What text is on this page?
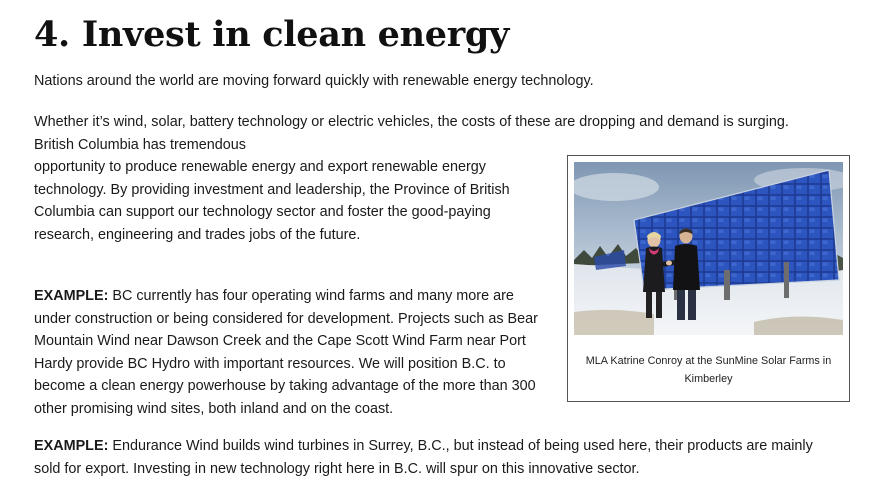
4. Invest in clean energy

Nations around the world are moving forward quickly with renewable energy technology.

Whether it’s wind, solar, battery technology or electric vehicles, the costs of these are dropping and demand is surging.
British Columbia has tremendous
opportunity to produce renewable energy and export renewable energy
technology. By providing investment and leadership, the Province of British
Columbia can support our technology sector and foster the good-paying
research, engineering and trades jobs of the future.

EXAMPLE: BC currently has four operating wind farms and many more are
under construction or being considered for development. Projects such as Bear
Mountain Wind near Dawson Creek and the Cape Scott Wind Farm near Port
Hardy provide BC Hydro with important resources. We will position B.C. to
become a clean energy powerhouse by taking advantage of the more than 300
other promising wind sites, both inland and on the coast.

EXAMPLE: Endurance Wind builds wind turbines in Surrey, B.C., but instead of being used here, their products are mainly
sold for export. Investing in new technology right here in B.C. will spur on this innovative sector.

MLA Katrine Conroy at the SunMine Solar Farms in
Kimberley
